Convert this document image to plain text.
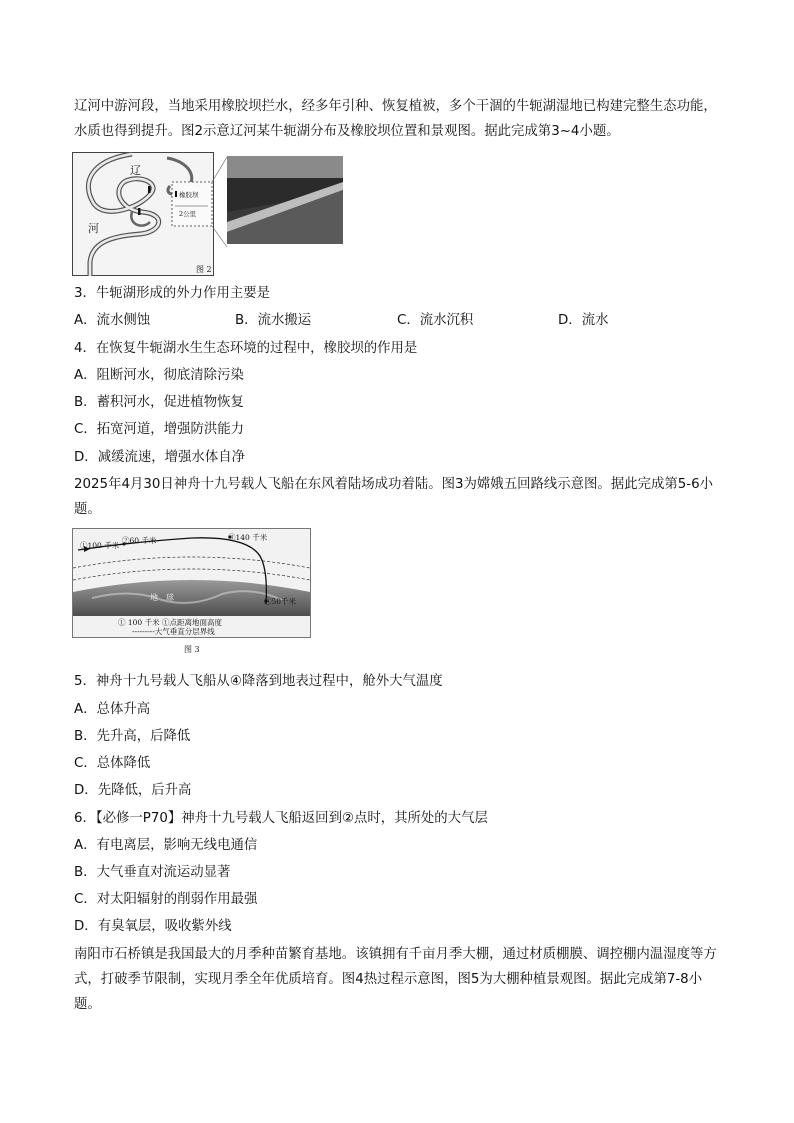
辽河中游河段，当地采用橡胶坝拦水，经多年引种、恢复植被，多个干涸的牛轭湖湿地已构建完整生态功能，水质也得到提升。图2示意辽河某牛轭湖分布及橡胶坝位置和景观图。据此完成第3~4小题。

辽
河
橡胶坝
2公里
图 2
3．牛轭湖形成的外力作用主要是
A．流水侧蚀	B．流水搬运	C．流水沉积	D．流水
4．在恢复牛轭湖水生生态环境的过程中，橡胶坝的作用是
A．阻断河水，彻底清除污染
B．蓄积河水，促进植物恢复
C．拓宽河道，增强防洪能力
D．减缓流速，增强水体自净

2025年4月30日神舟十九号载人飞船在东风着陆场成功着陆。图3为嫦娥五回路线示意图。据此完成第5-6小题。

①100 千米
②60 千米	③140 千米
④50千米
地　球
① 100 千米 ①点距离地面高度
---------大气垂直分层界线
图 3
5．神舟十九号载人飞船从④降落到地表过程中，舱外大气温度
A．总体升高
B．先升高，后降低
C．总体降低
D．先降低，后升高
6．【必修一P70】神舟十九号载人飞船返回到②点时，其所处的大气层
A．有电离层，影响无线电通信
B．大气垂直对流运动显著
C．对太阳辐射的削弱作用最强
D．有臭氧层，吸收紫外线

南阳市石桥镇是我国最大的月季种苗繁育基地。该镇拥有千亩月季大棚，通过材质棚膜、调控棚内温湿度等方式，打破季节限制，实现月季全年优质培育。图4热过程示意图，图5为大棚种植景观图。据此完成第7-8小题。
